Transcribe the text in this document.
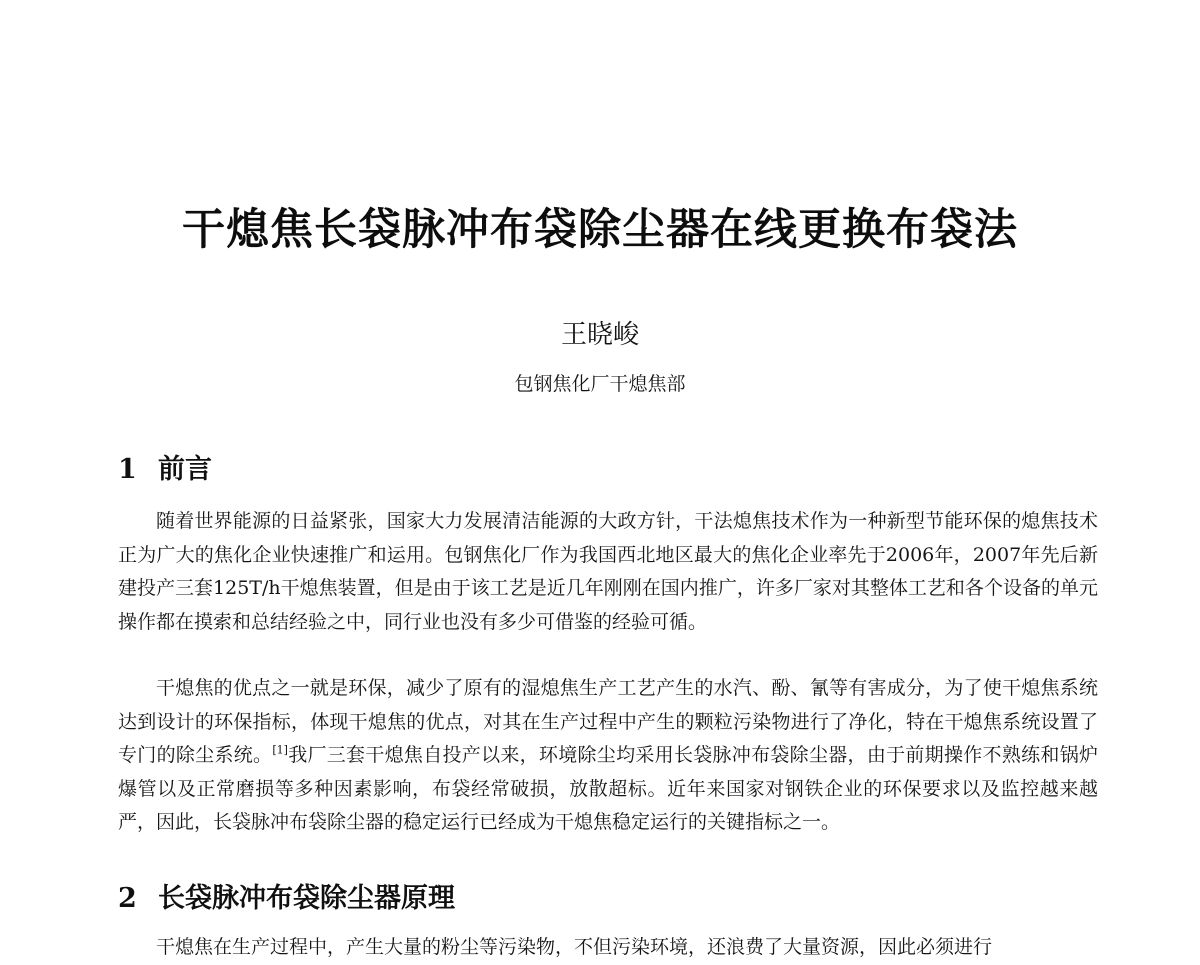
干熄焦长袋脉冲布袋除尘器在线更换布袋法
王晓峻
包钢焦化厂干熄焦部
1 前言

随着世界能源的日益紧张，国家大力发展清洁能源的大政方针，干法熄焦技术作为一种新型节能环保的熄焦技术正为广大的焦化企业快速推广和运用。包钢焦化厂作为我国西北地区最大的焦化企业率先于2006年，2007年先后新建投产三套125T/h干熄焦装置，但是由于该工艺是近几年刚刚在国内推广，许多厂家对其整体工艺和各个设备的单元操作都在摸索和总结经验之中，同行业也没有多少可借鉴的经验可循。

干熄焦的优点之一就是环保，减少了原有的湿熄焦生产工艺产生的水汽、酚、氰等有害成分，为了使干熄焦系统达到设计的环保指标，体现干熄焦的优点，对其在生产过程中产生的颗粒污染物进行了净化，特在干熄焦系统设置了专门的除尘系统。[1]我厂三套干熄焦自投产以来，环境除尘均采用长袋脉冲布袋除尘器，由于前期操作不熟练和锅炉爆管以及正常磨损等多种因素影响，布袋经常破损，放散超标。近年来国家对钢铁企业的环保要求以及监控越来越严，因此，长袋脉冲布袋除尘器的稳定运行已经成为干熄焦稳定运行的关键指标之一。

2 长袋脉冲布袋除尘器原理

干熄焦在生产过程中，产生大量的粉尘等污染物，不但污染环境，还浪费了大量资源，因此必须进行
